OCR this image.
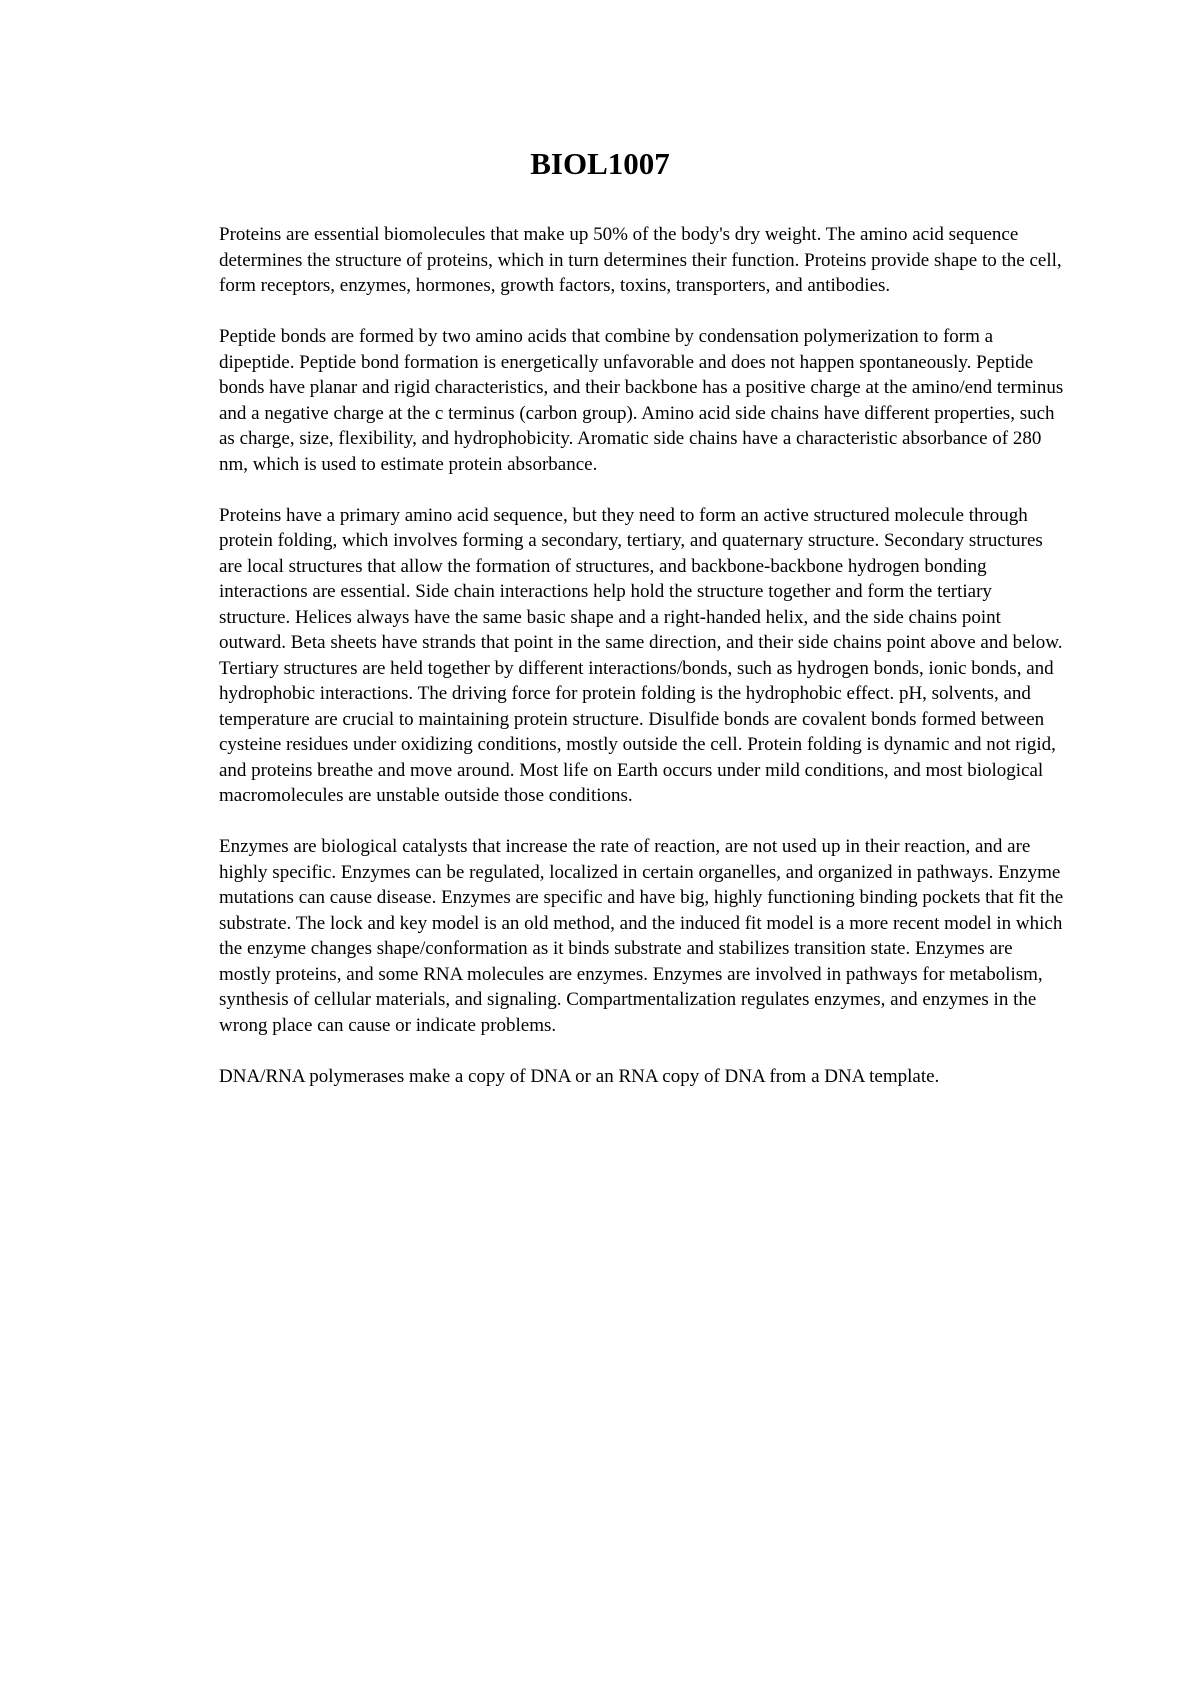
BIOL1007

Proteins are essential biomolecules that make up 50% of the body's dry weight. The amino acid sequence determines the structure of proteins, which in turn determines their function. Proteins provide shape to the cell, form receptors, enzymes, hormones, growth factors, toxins, transporters, and antibodies.

Peptide bonds are formed by two amino acids that combine by condensation polymerization to form a dipeptide. Peptide bond formation is energetically unfavorable and does not happen spontaneously. Peptide bonds have planar and rigid characteristics, and their backbone has a positive charge at the amino/end terminus and a negative charge at the c terminus (carbon group). Amino acid side chains have different properties, such as charge, size, flexibility, and hydrophobicity. Aromatic side chains have a characteristic absorbance of 280 nm, which is used to estimate protein absorbance.

Proteins have a primary amino acid sequence, but they need to form an active structured molecule through protein folding, which involves forming a secondary, tertiary, and quaternary structure. Secondary structures are local structures that allow the formation of structures, and backbone-backbone hydrogen bonding interactions are essential. Side chain interactions help hold the structure together and form the tertiary structure. Helices always have the same basic shape and a right-handed helix, and the side chains point outward. Beta sheets have strands that point in the same direction, and their side chains point above and below. Tertiary structures are held together by different interactions/bonds, such as hydrogen bonds, ionic bonds, and hydrophobic interactions. The driving force for protein folding is the hydrophobic effect. pH, solvents, and temperature are crucial to maintaining protein structure. Disulfide bonds are covalent bonds formed between cysteine residues under oxidizing conditions, mostly outside the cell. Protein folding is dynamic and not rigid, and proteins breathe and move around. Most life on Earth occurs under mild conditions, and most biological macromolecules are unstable outside those conditions.

Enzymes are biological catalysts that increase the rate of reaction, are not used up in their reaction, and are highly specific. Enzymes can be regulated, localized in certain organelles, and organized in pathways. Enzyme mutations can cause disease. Enzymes are specific and have big, highly functioning binding pockets that fit the substrate. The lock and key model is an old method, and the induced fit model is a more recent model in which the enzyme changes shape/conformation as it binds substrate and stabilizes transition state. Enzymes are mostly proteins, and some RNA molecules are enzymes. Enzymes are involved in pathways for metabolism, synthesis of cellular materials, and signaling. Compartmentalization regulates enzymes, and enzymes in the wrong place can cause or indicate problems.

DNA/RNA polymerases make a copy of DNA or an RNA copy of DNA from a DNA template.
